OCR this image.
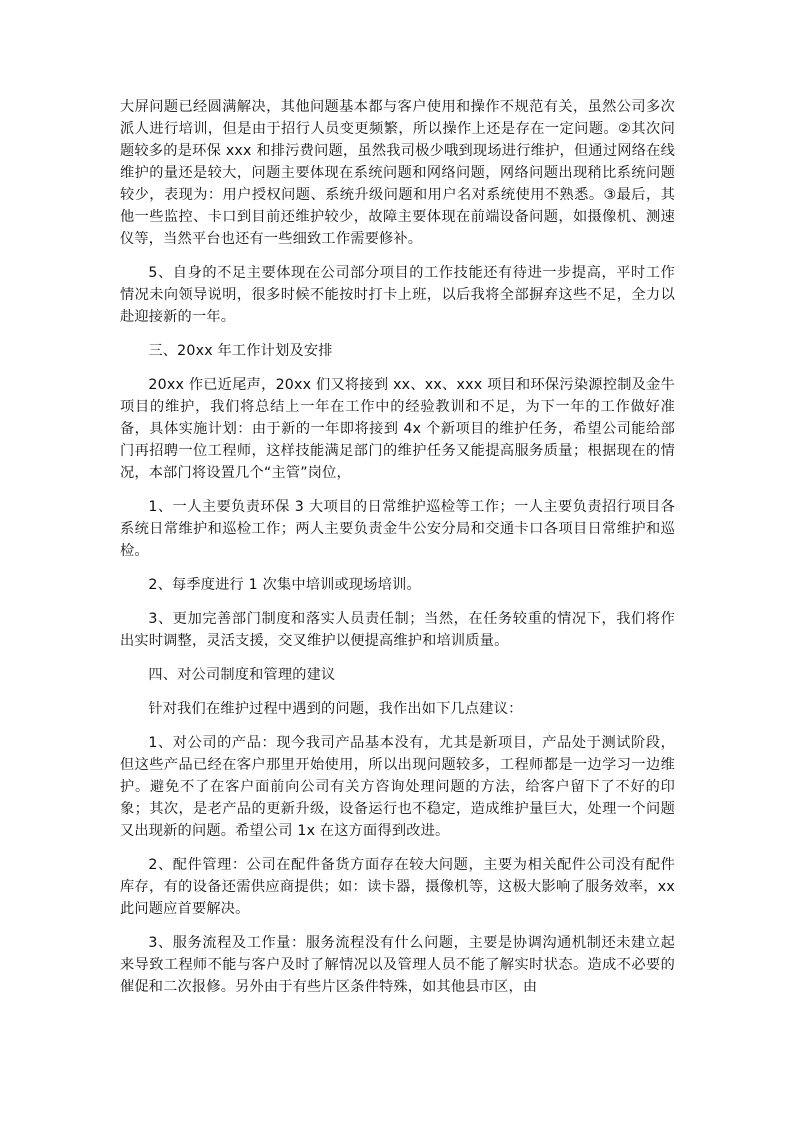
大屏问题已经圆满解决，其他问题基本都与客户使用和操作不规范有关，虽然公司多次派人进行培训，但是由于招行人员变更频繁，所以操作上还是存在一定问题。②其次问题较多的是环保 xxx 和排污费问题，虽然我司极少哦到现场进行维护，但通过网络在线维护的量还是较大，问题主要体现在系统问题和网络问题，网络问题出现稍比系统问题较少，表现为：用户授权问题、系统升级问题和用户名对系统使用不熟悉。③最后，其他一些监控、卡口到目前还维护较少，故障主要体现在前端设备问题，如摄像机、测速仪等，当然平台也还有一些细致工作需要修补。

5、自身的不足主要体现在公司部分项目的工作技能还有待进一步提高，平时工作情况未向领导说明，很多时候不能按时打卡上班，以后我将全部摒弃这些不足，全力以赴迎接新的一年。

三、20xx 年工作计划及安排

20xx 作已近尾声，20xx 们又将接到 xx、xx、xxx 项目和环保污染源控制及金牛项目的维护，我们将总结上一年在工作中的经验教训和不足，为下一年的工作做好准备，具体实施计划：由于新的一年即将接到 4x 个新项目的维护任务，希望公司能给部门再招聘一位工程师，这样技能满足部门的维护任务又能提高服务质量；根据现在的情况，本部门将设置几个“主管”岗位，

1、一人主要负责环保 3 大项目的日常维护巡检等工作；一人主要负责招行项目各系统日常维护和巡检工作；两人主要负责金牛公安分局和交通卡口各项目日常维护和巡检。

2、每季度进行 1 次集中培训或现场培训。

3、更加完善部门制度和落实人员责任制；当然，在任务较重的情况下，我们将作出实时调整，灵活支援，交叉维护以便提高维护和培训质量。

四、对公司制度和管理的建议

针对我们在维护过程中遇到的问题，我作出如下几点建议：

1、对公司的产品：现今我司产品基本没有，尤其是新项目，产品处于测试阶段，但这些产品已经在客户那里开始使用，所以出现问题较多，工程师都是一边学习一边维护。避免不了在客户面前向公司有关方咨询处理问题的方法，给客户留下了不好的印象；其次，是老产品的更新升级，设备运行也不稳定，造成维护量巨大，处理一个问题又出现新的问题。希望公司 1x 在这方面得到改进。

2、配件管理：公司在配件备货方面存在较大问题，主要为相关配件公司没有配件库存，有的设备还需供应商提供；如：读卡器，摄像机等，这极大影响了服务效率，xx 此问题应首要解决。

3、服务流程及工作量：服务流程没有什么问题，主要是协调沟通机制还未建立起来导致工程师不能与客户及时了解情况以及管理人员不能了解实时状态。造成不必要的催促和二次报修。另外由于有些片区条件特殊，如其他县市区，由
